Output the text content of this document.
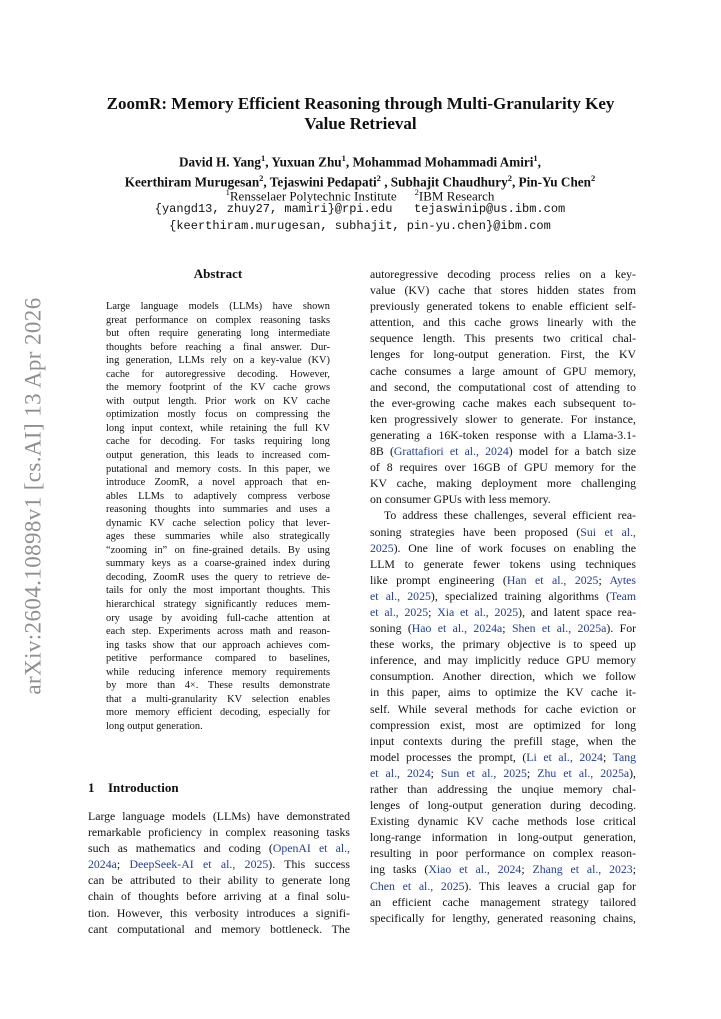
arXiv:2604.10898v1 [cs.AI] 13 Apr 2026
ZoomR: Memory Efficient Reasoning through Multi-Granularity Key
Value Retrieval
David H. Yang$^1$, Yuxuan Zhu$^1$, Mohammad Mohammadi Amiri$^1$,
Keerthiram Murugesan$^2$, Tejaswini Pedapati$^2$ , Subhajit Chaudhury$^2$, Pin-Yu Chen$^2$
$^1$Rensselaer Polytechnic Institute $^2$IBM Research
{yangd13, zhuy27, mamiri}@rpi.edu   tejaswinip@us.ibm.com
{keerthiram.murugesan, subhajit, pin-yu.chen}@ibm.com
Abstract
Large language models (LLMs) have shown
great performance on complex reasoning tasks
but often require generating long intermediate
thoughts before reaching a final answer. Dur-
ing generation, LLMs rely on a key-value (KV)
cache for autoregressive decoding. However,
the memory footprint of the KV cache grows
with output length. Prior work on KV cache
optimization mostly focus on compressing the
long input context, while retaining the full KV
cache for decoding. For tasks requiring long
output generation, this leads to increased com-
putational and memory costs. In this paper, we
introduce ZoomR, a novel approach that en-
ables LLMs to adaptively compress verbose
reasoning thoughts into summaries and uses a
dynamic KV cache selection policy that lever-
ages these summaries while also strategically
“zooming in” on fine-grained details. By using
summary keys as a coarse-grained index during
decoding, ZoomR uses the query to retrieve de-
tails for only the most important thoughts. This
hierarchical strategy significantly reduces mem-
ory usage by avoiding full-cache attention at
each step. Experiments across math and reason-
ing tasks show that our approach achieves com-
petitive performance compared to baselines,
while reducing inference memory requirements
by more than 4×. These results demonstrate
that a multi-granularity KV selection enables
more memory efficient decoding, especially for
long output generation.
1 Introduction
Large language models (LLMs) have demonstrated
remarkable proficiency in complex reasoning tasks
such as mathematics and coding (OpenAI et al.,
2024a; DeepSeek-AI et al., 2025). This success
can be attributed to their ability to generate long
chain of thoughts before arriving at a final solu-
tion. However, this verbosity introduces a signifi-
cant computational and memory bottleneck. The
autoregressive decoding process relies on a key-
value (KV) cache that stores hidden states from
previously generated tokens to enable efficient self-
attention, and this cache grows linearly with the
sequence length. This presents two critical chal-
lenges for long-output generation. First, the KV
cache consumes a large amount of GPU memory,
and second, the computational cost of attending to
the ever-growing cache makes each subsequent to-
ken progressively slower to generate. For instance,
generating a 16K-token response with a Llama-3.1-
8B (Grattafiori et al., 2024) model for a batch size
of 8 requires over 16GB of GPU memory for the
KV cache, making deployment more challenging
on consumer GPUs with less memory.
To address these challenges, several efficient rea-
soning strategies have been proposed (Sui et al.,
2025). One line of work focuses on enabling the
LLM to generate fewer tokens using techniques
like prompt engineering (Han et al., 2025; Aytes
et al., 2025), specialized training algorithms (Team
et al., 2025; Xia et al., 2025), and latent space rea-
soning (Hao et al., 2024a; Shen et al., 2025a). For
these works, the primary objective is to speed up
inference, and may implicitly reduce GPU memory
consumption. Another direction, which we follow
in this paper, aims to optimize the KV cache it-
self. While several methods for cache eviction or
compression exist, most are optimized for long
input contexts during the prefill stage, when the
model processes the prompt, (Li et al., 2024; Tang
et al., 2024; Sun et al., 2025; Zhu et al., 2025a),
rather than addressing the unqiue memory chal-
lenges of long-output generation during decoding.
Existing dynamic KV cache methods lose critical
long-range information in long-output generation,
resulting in poor performance on complex reason-
ing tasks (Xiao et al., 2024; Zhang et al., 2023;
Chen et al., 2025). This leaves a crucial gap for
an efficient cache management strategy tailored
specifically for lengthy, generated reasoning chains,
